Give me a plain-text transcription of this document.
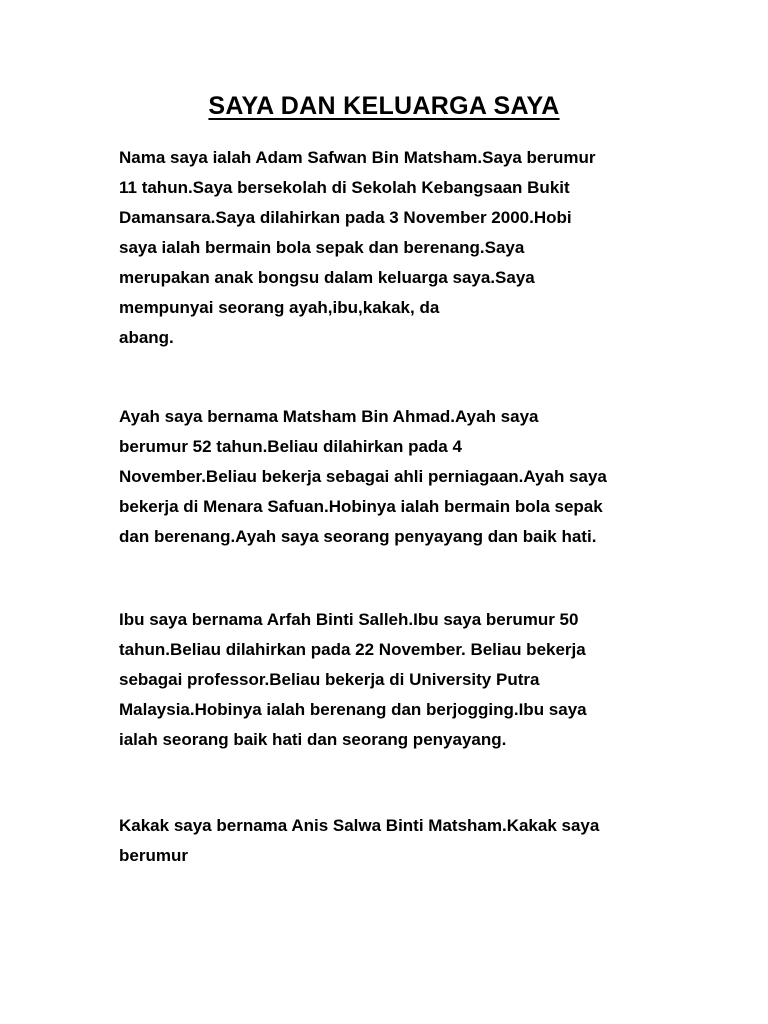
SAYA DAN KELUARGA SAYA
Nama saya ialah Adam Safwan Bin Matsham.Saya berumur
11 tahun.Saya bersekolah di Sekolah Kebangsaan Bukit
Damansara.Saya dilahirkan pada 3 November 2000.Hobi
saya ialah bermain bola sepak dan berenang.Saya
merupakan anak bongsu dalam keluarga saya.Saya
mempunyai seorang ayah,ibu,kakak, da
abang.
Ayah saya bernama Matsham Bin Ahmad.Ayah saya
berumur 52 tahun.Beliau dilahirkan pada 4
November.Beliau bekerja sebagai ahli perniagaan.Ayah saya
bekerja di Menara Safuan.Hobinya ialah bermain bola sepak
dan berenang.Ayah saya seorang penyayang dan baik hati.
Ibu saya bernama Arfah Binti Salleh.Ibu saya berumur 50
tahun.Beliau dilahirkan pada 22 November. Beliau bekerja
sebagai professor.Beliau bekerja di University Putra
Malaysia.Hobinya ialah berenang dan berjogging.Ibu saya
ialah seorang baik hati dan seorang penyayang.
Kakak saya bernama Anis Salwa Binti Matsham.Kakak saya
berumur
